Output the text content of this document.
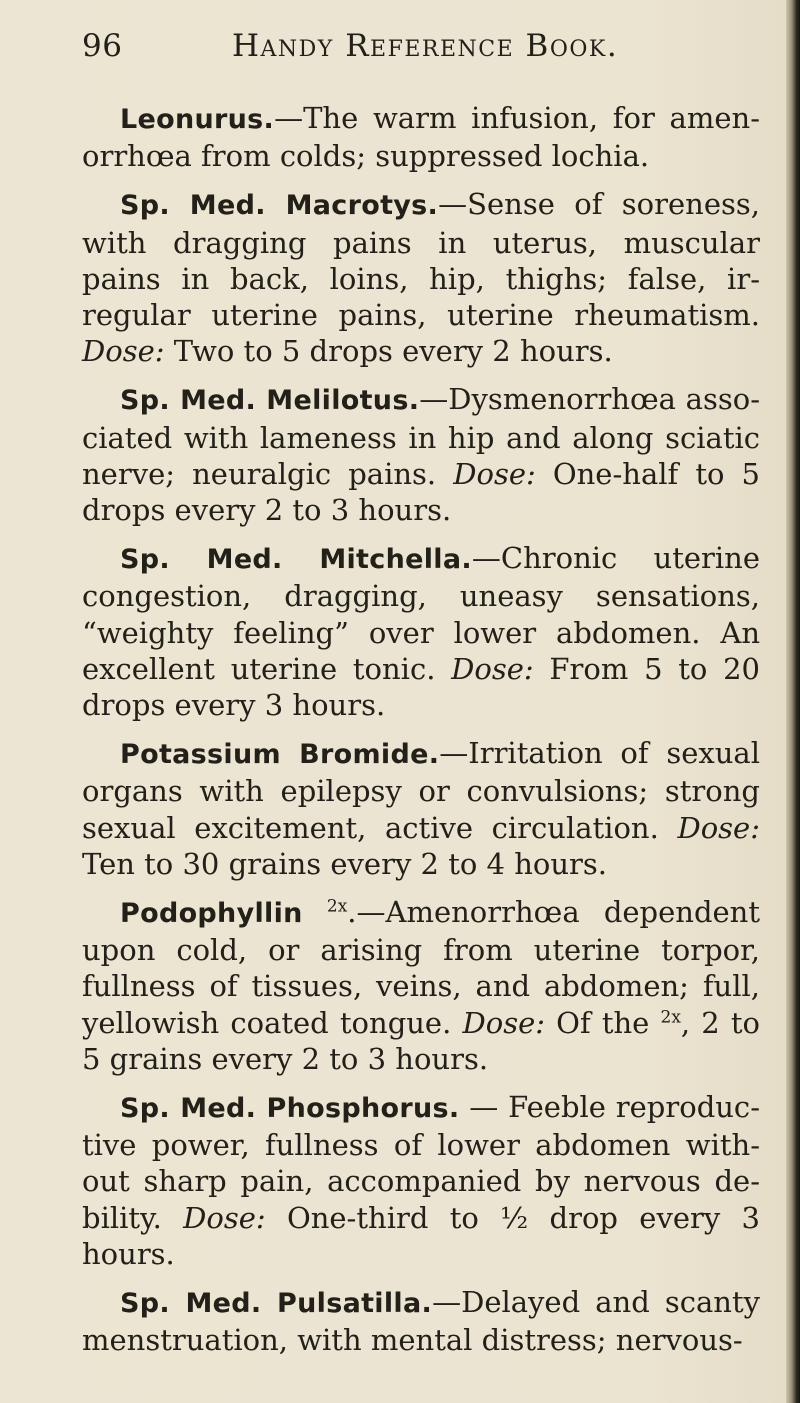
96	Handy Reference Book.

Leonurus.—The warm infusion, for amenorrhœa from colds; suppressed lochia.

Sp. Med. Macrotys.—Sense of soreness, with dragging pains in uterus, muscular pains in back, loins, hip, thighs; false, irregular uterine pains, uterine rheumatism. Dose: Two to 5 drops every 2 hours.

Sp. Med. Melilotus.—Dysmenorrhœa associated with lameness in hip and along sciatic nerve; neuralgic pains. Dose: One-half to 5 drops every 2 to 3 hours.

Sp. Med. Mitchella.—Chronic uterine congestion, dragging, uneasy sensations, “weighty feeling” over lower abdomen. An excellent uterine tonic. Dose: From 5 to 20 drops every 3 hours.

Potassium Bromide.—Irritation of sexual organs with epilepsy or convulsions; strong sexual excitement, active circulation. Dose: Ten to 30 grains every 2 to 4 hours.

Podophyllin $^{2x}$.—Amenorrhœa dependent upon cold, or arising from uterine torpor, fullness of tissues, veins, and abdomen; full, yellowish coated tongue. Dose: Of the $^{2x}$, 2 to 5 grains every 2 to 3 hours.

Sp. Med. Phosphorus. — Feeble reproductive power, fullness of lower abdomen without sharp pain, accompanied by nervous debility. Dose: One-third to ½ drop every 3 hours.

Sp. Med. Pulsatilla.—Delayed and scanty menstruation, with mental distress; nervous-
